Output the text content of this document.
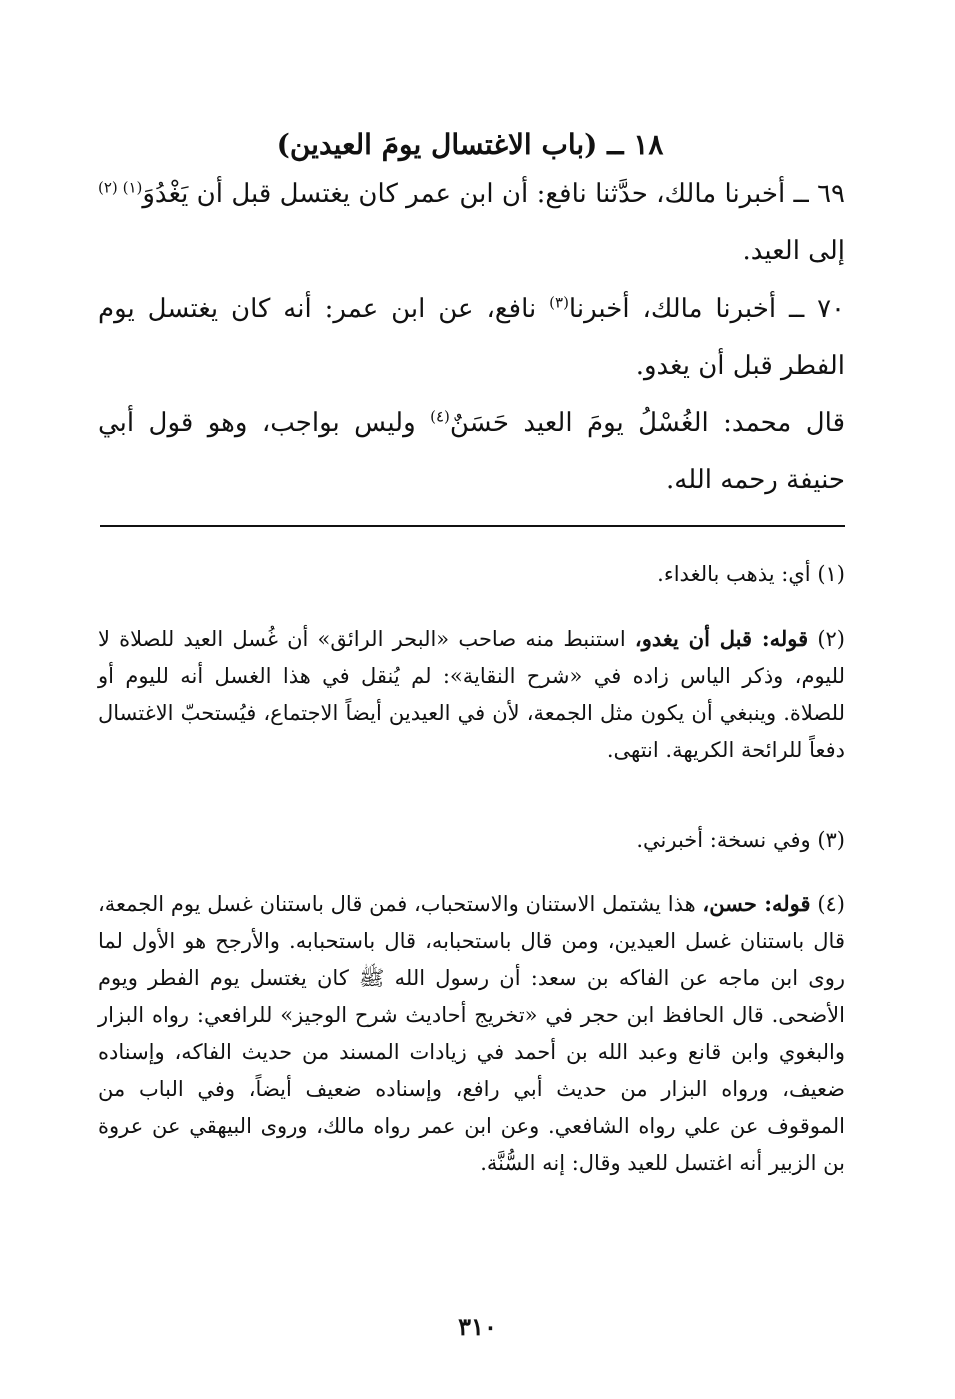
١٨ ــ (باب الاغتسال يومَ العيدين)
٦٩ ــ أخبرنا مالك، حدَّثنا نافع: أن ابن عمر كان يغتسل قبل أن يَغْدُوَ$^{(١) (٢)}$ إلى العيد.
٧٠ ــ أخبرنا مالك، أخبرنا$^{(٣)}$ نافع، عن ابن عمر: أنه كان يغتسل يوم الفطر قبل أن يغدو.
قال محمد: الغُسْلُ يومَ العيد حَسَنٌ$^{(٤)}$ وليس بواجب، وهو قول أبي حنيفة رحمه الله.
(١) أي: يذهب بالغداء.
(٢) قوله: قبل أن يغدو، استنبط منه صاحب «البحر الرائق» أن غُسل العيد للصلاة لا لليوم، وذكر الياس زاده في «شرح النقاية»: لم يُنقل في هذا الغسل أنه لليوم أو للصلاة. وينبغي أن يكون مثل الجمعة، لأن في العيدين أيضاً الاجتماع، فيُستحبّ الاغتسال دفعاً للرائحة الكريهة. انتهى.
(٣) وفي نسخة: أخبرني.
(٤) قوله: حسن، هذا يشتمل الاستنان والاستحباب، فمن قال باستنان غسل يوم الجمعة، قال باستنان غسل العيدين، ومن قال باستحبابه، قال باستحبابه. والأرجح هو الأول لما روى ابن ماجه عن الفاكه بن سعد: أن رسول الله ﷺ كان يغتسل يوم الفطر ويوم الأضحى. قال الحافظ ابن حجر في «تخريج أحاديث شرح الوجيز» للرافعي: رواه البزار والبغوي وابن قانع وعبد الله بن أحمد في زيادات المسند من حديث الفاكه، وإسناده ضعيف، ورواه البزار من حديث أبي رافع، وإسناده ضعيف أيضاً، وفي الباب من الموقوف عن علي رواه الشافعي. وعن ابن عمر رواه مالك، وروى البيهقي عن عروة بن الزبير أنه اغتسل للعيد وقال: إنه السُّنَّة.
٣١٠
